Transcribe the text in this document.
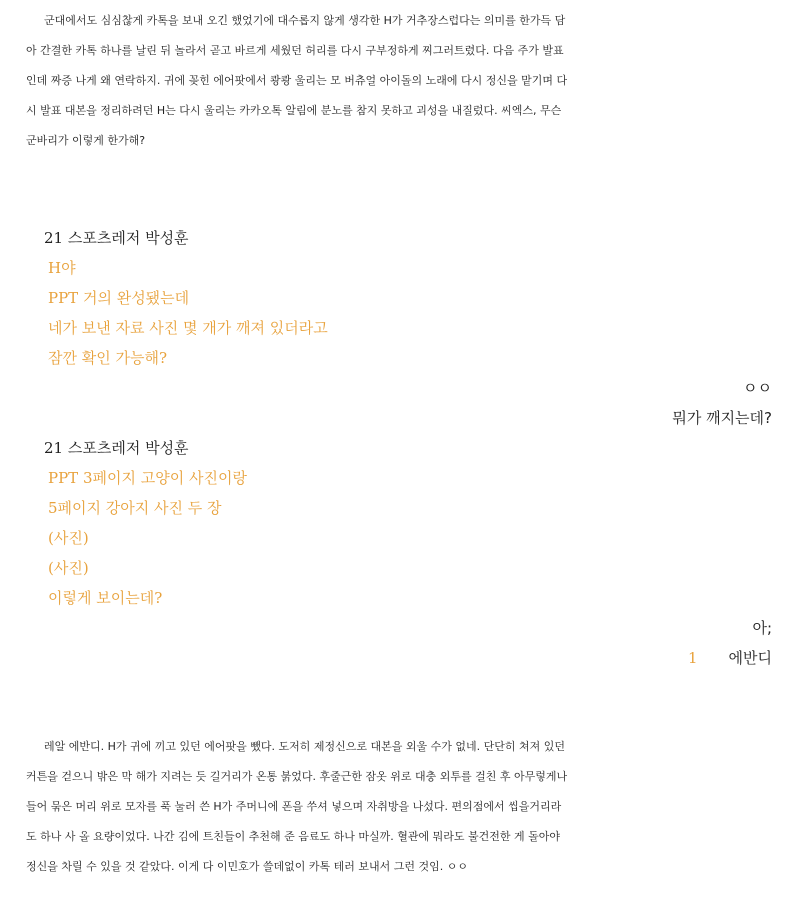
군대에서도 심심찮게 카톡을 보내 오긴 했었기에 대수롭지 않게 생각한 H가 거추장스럽다는 의미를 한가득 담
아 간결한 카톡 하나를 날린 뒤 놀라서 곧고 바르게 세웠던 허리를 다시 구부정하게 찌그러트렸다. 다음 주가 발표
인데 짜증 나게 왜 연락하지. 귀에 꽂힌 에어팟에서 쾅쾅 울리는 모 버츄얼 아이돌의 노래에 다시 정신을 맡기며 다
시 발표 대본을 정리하려던 H는 다시 울리는 카카오톡 알림에 분노를 참지 못하고 괴성을 내질렀다. 씨엑스, 무슨
군바리가 이렇게 한가해?

21 스포츠레저 박성훈
H야
PPT 거의 완성됐는데
네가 보낸 자료 사진 몇 개가 깨져 있더라고
잠깐 확인 가능해?
ㅇㅇ
뭐가 깨지는데?
21 스포츠레저 박성훈
PPT 3페이지 고양이 사진이랑
5페이지 강아지 사진 두 장
(사진)
(사진)
이렇게 보이는데?
아;
에반디
1

레알 에반디. H가 귀에 끼고 있던 에어팟을 뺐다. 도저히 제정신으로 대본을 외울 수가 없네. 단단히 쳐져 있던
커튼을 걷으니 밖은 막 해가 지려는 듯 길거리가 온통 붉었다. 후줄근한 잠옷 위로 대충 외투를 걸친 후 아무렇게나
들어 묶은 머리 위로 모자를 푹 눌러 쓴 H가 주머니에 폰을 쑤셔 넣으며 자취방을 나섰다. 편의점에서 씹을거리라
도 하나 사 올 요량이었다. 나간 김에 트친들이 추천해 준 음료도 하나 마실까. 혈관에 뭐라도 불건전한 게 돌아야
정신을 차릴 수 있을 것 같았다. 이게 다 이민호가 쓸데없이 카톡 테러 보내서 그런 것임. ㅇㅇ
